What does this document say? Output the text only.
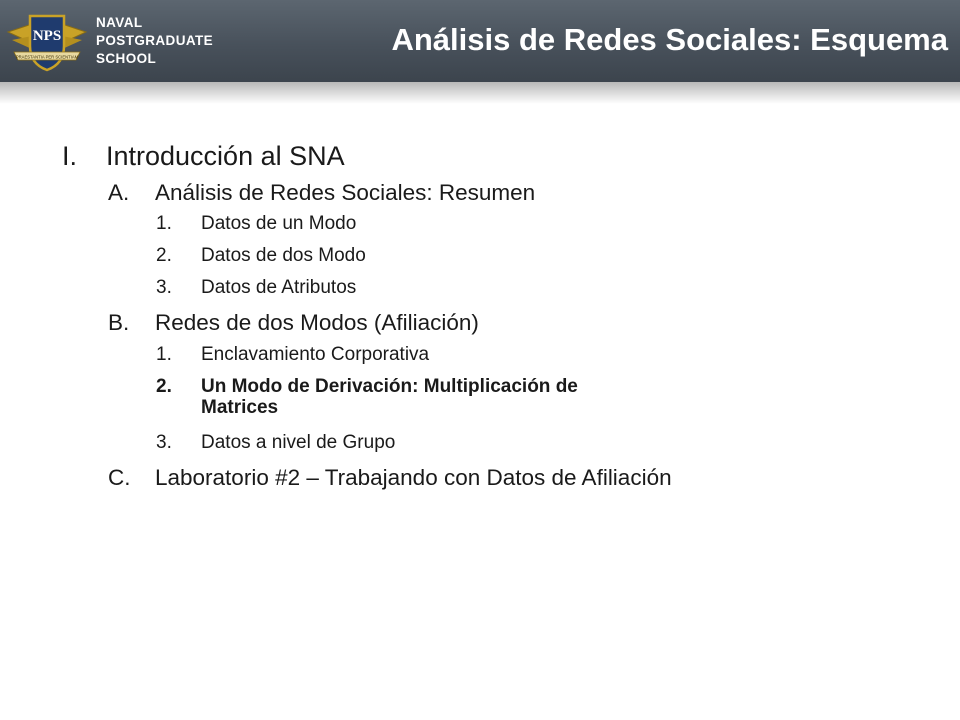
NPS
PRAESTANTIA PER SCIENTIAM
NAVAL
POSTGRADUATE
SCHOOL
Análisis de Redes Sociales: Esquema
I. Introducción al SNA
A. Análisis de Redes Sociales: Resumen
1. Datos de un Modo
2. Datos de dos Modo
3. Datos de Atributos
B. Redes de dos Modos (Afiliación)
1. Enclavamiento Corporativa
2. Un Modo de Derivación: Multiplicación de
Matrices
3. Datos a nivel de Grupo
C. Laboratorio #2 – Trabajando con Datos de Afiliación
